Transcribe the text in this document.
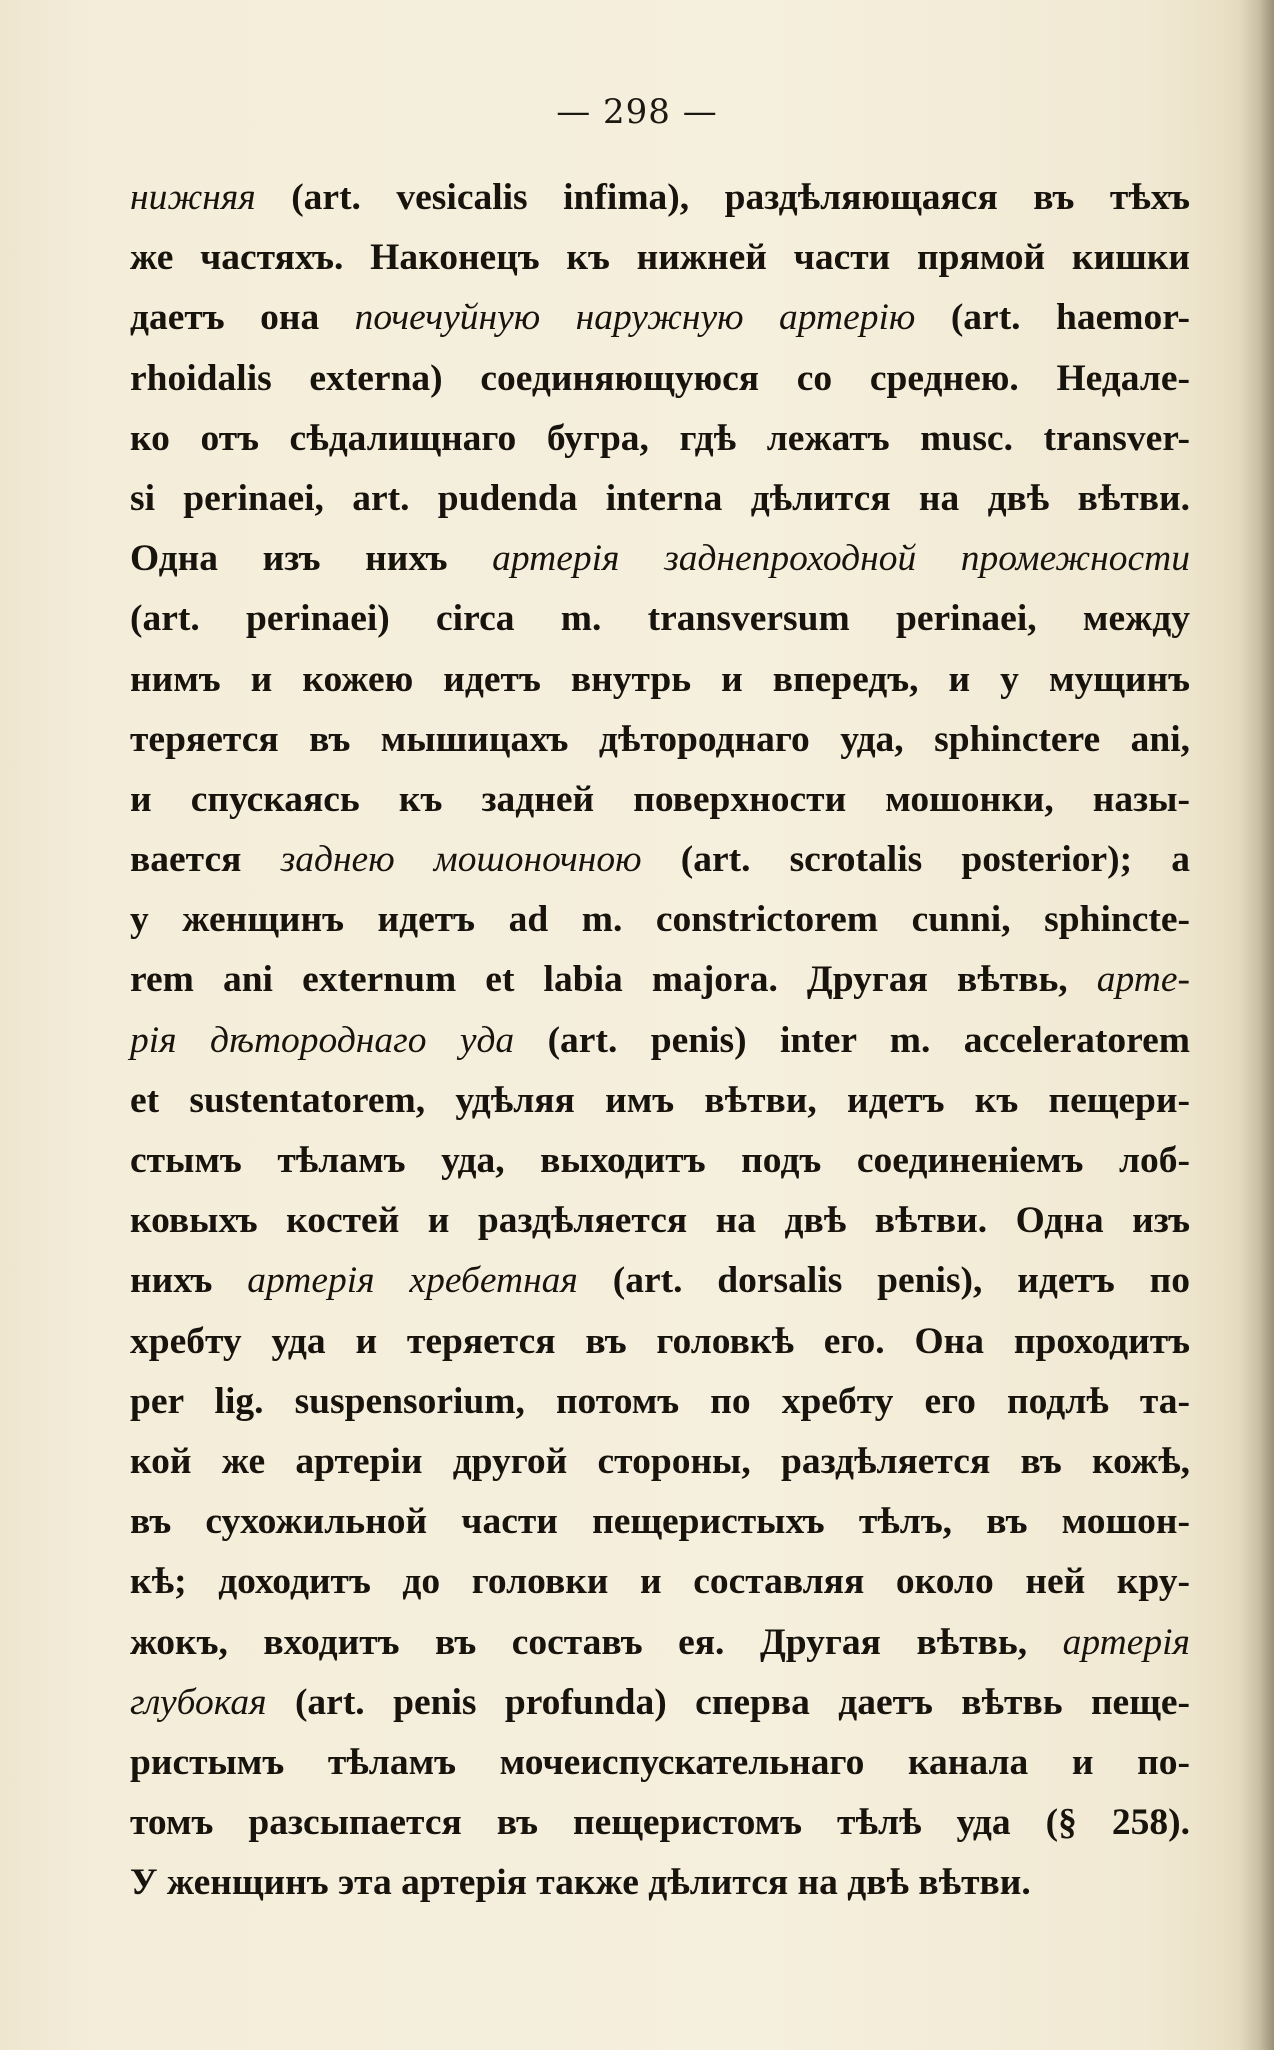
— 298 —
нижняя (art. vesicalis infima), раздѣляющаяся въ тѣхъ
же частяхъ. Наконецъ къ нижней части прямой кишки
даетъ она почечуйную наружную артерію (art. haemor-
rhoidalis externa) соединяющуюся со среднею. Недале-
ко отъ сѣдалищнаго бугра, гдѣ лежатъ musc. transver-
si perinaei, art. pudenda interna дѣлится на двѣ вѣтви.
Одна изъ нихъ артерія заднепроходной промежности
(art. perinaei) circa m. transversum perinaei, между
нимъ и кожею идетъ внутрь и впередъ, и у мущинъ
теряется въ мышицахъ дѣтороднаго уда, sphinctere ani,
и спускаясь къ задней поверхности мошонки, назы-
вается заднею мошоночною (art. scrotalis posterior); а
у женщинъ идетъ ad m. constrictorem cunni, sphincte-
rem ani externum et labia majora. Другая вѣтвь, арте-
рія дѣтороднаго уда (art. penis) inter m. acceleratorem
et sustentatorem, удѣляя имъ вѣтви, идетъ къ пещери-
стымъ тѣламъ уда, выходитъ подъ соединеніемъ лоб-
ковыхъ костей и раздѣляется на двѣ вѣтви. Одна изъ
нихъ артерія хребетная (art. dorsalis penis), идетъ по
хребту уда и теряется въ головкѣ его. Она проходитъ
per lig. suspensorium, потомъ по хребту его подлѣ та-
кой же артеріи другой стороны, раздѣляется въ кожѣ,
въ сухожильной части пещеристыхъ тѣлъ, въ мошон-
кѣ; доходитъ до головки и составляя около ней кру-
жокъ, входитъ въ составъ ея. Другая вѣтвь, артерія
глубокая (art. penis profunda) сперва даетъ вѣтвь пеще-
ристымъ тѣламъ мочеиспускательнаго канала и по-
томъ разсыпается въ пещеристомъ тѣлѣ уда (§ 258).
У женщинъ эта артерія также дѣлится на двѣ вѣтви.
